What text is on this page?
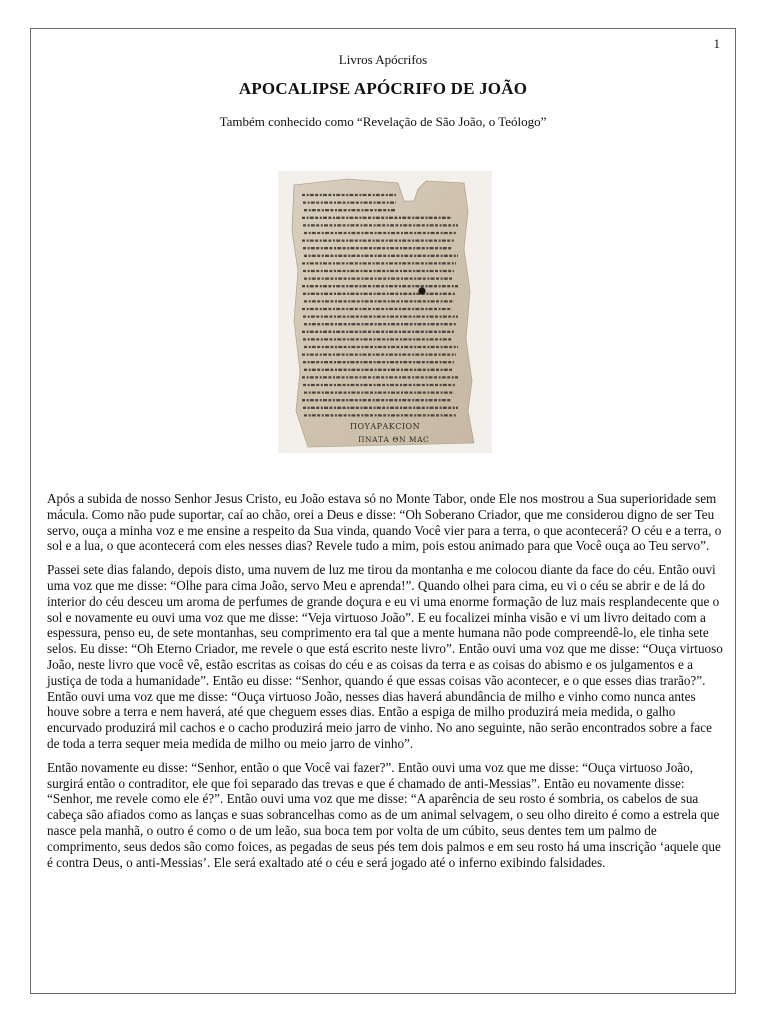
1
Livros Apócrifos
APOCALIPSE APÓCRIFO DE JOÃO
Também conhecido como “Revelação de São João, o Teólogo”
ΠΟΥΑΡΑΚCΙΟΝ
ΠΝΑΤΑ ΘΝ ΜΑC

Após a subida de nosso Senhor Jesus Cristo, eu João estava só no Monte Tabor, onde Ele nos mostrou a Sua superioridade sem mácula. Como não pude suportar, caí ao chão, orei a Deus e disse: “Oh Soberano Criador, que me considerou digno de ser Teu servo, ouça a minha voz e me ensine a respeito da Sua vinda, quando Você vier para a terra, o que acontecerá? O céu e a terra, o sol e a lua, o que acontecerá com eles nesses dias? Revele tudo a mim, pois estou animado para que Você ouça ao Teu servo”.

Passei sete dias falando, depois disto, uma nuvem de luz me tirou da montanha e me colocou diante da face do céu. Então ouvi uma voz que me disse: “Olhe para cima João, servo Meu e aprenda!”. Quando olhei para cima, eu vi o céu se abrir e de lá do interior do céu desceu um aroma de perfumes de grande doçura e eu vi uma enorme formação de luz mais resplandecente que o sol e novamente eu ouvi uma voz que me disse: “Veja virtuoso João”. E eu focalizei minha visão e vi um livro deitado com a espessura, penso eu, de sete montanhas, seu comprimento era tal que a mente humana não pode compreendê-lo, ele tinha sete selos. Eu disse: “Oh Eterno Criador, me revele o que está escrito neste livro”. Então ouvi uma voz que me disse: “Ouça virtuoso João, neste livro que você vê, estão escritas as coisas do céu e as coisas da terra e as coisas do abismo e os julgamentos e a justiça de toda a humanidade”. Então eu disse: “Senhor, quando é que essas coisas vão acontecer, e o que esses dias trarão?”. Então ouvi uma voz que me disse: “Ouça virtuoso João, nesses dias haverá abundância de milho e vinho como nunca antes houve sobre a terra e nem haverá, até que cheguem esses dias. Então a espiga de milho produzirá meia medida, o galho encurvado produzirá mil cachos e o cacho produzirá meio jarro de vinho. No ano seguinte, não serão encontrados sobre a face de toda a terra sequer meia medida de milho ou meio jarro de vinho”.

Então novamente eu disse: “Senhor, então o que Você vai fazer?”. Então ouvi uma voz que me disse: “Ouça virtuoso João, surgirá então o contraditor, ele que foi separado das trevas e que é chamado de anti-Messias”. Então eu novamente disse: “Senhor, me revele como ele é?”. Então ouvi uma voz que me disse: “A aparência de seu rosto é sombria, os cabelos de sua cabeça são afiados como as lanças e suas sobrancelhas como as de um animal selvagem, o seu olho direito é como a estrela que nasce pela manhã, o outro é como o de um leão, sua boca tem por volta de um cúbito, seus dentes tem um palmo de comprimento, seus dedos são como foices, as pegadas de seus pés tem dois palmos e em seu rosto há uma inscrição ‘aquele que é contra Deus, o anti-Messias’. Ele será exaltado até o céu e será jogado até o inferno exibindo falsidades.
